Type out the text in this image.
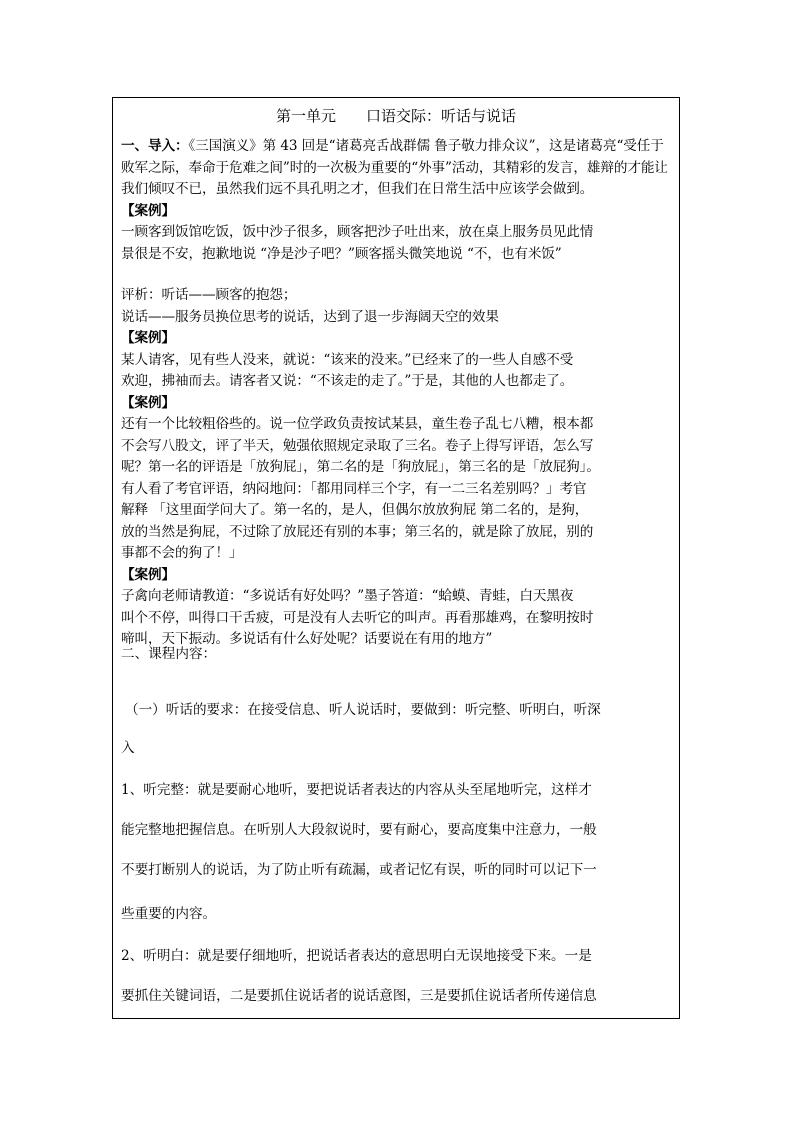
第一单元　　口语交际：听话与说话

一、导入：《三国演义》第 43 回是“诸葛亮舌战群儒 鲁子敬力排众议”，这是诸葛亮“受任于败军之际，奉命于危难之间”时的一次极为重要的“外事”活动，其精彩的发言，雄辩的才能让我们倾叹不已，虽然我们远不具孔明之才，但我们在日常生活中应该学会做到。

【案例】

一顾客到饭馆吃饭，饭中沙子很多，顾客把沙子吐出来，放在桌上服务员见此情

景很是不安，抱歉地说 “净是沙子吧？”顾客摇头微笑地说 “不，也有米饭”

评析：听话——顾客的抱怨；

说话——服务员换位思考的说话，达到了退一步海阔天空的效果

【案例】

某人请客，见有些人没来，就说：“该来的没来。”已经来了的一些人自感不受

欢迎，拂袖而去。请客者又说：“不该走的走了。”于是，其他的人也都走了。

【案例】

还有一个比较粗俗些的。说一位学政负责按试某县，童生卷子乱七八糟，根本都

不会写八股文，评了半天，勉强依照规定录取了三名。卷子上得写评语，怎么写

呢？第一名的评语是「放狗屁」，第二名的是「狗放屁」，第三名的是「放屁狗」。

有人看了考官评语，纳闷地问：「都用同样三个字，有一二三名差别吗？」考官

解释 「这里面学问大了。第一名的，是人，但偶尔放放狗屁 第二名的，是狗，

放的当然是狗屁，不过除了放屁还有别的本事；第三名的，就是除了放屁，别的

事都不会的狗了！」

【案例】

子禽向老师请教道：“多说话有好处吗？”墨子答道：“蛤蟆、青蛙，白天黑夜

叫个不停，叫得口干舌疲，可是没有人去听它的叫声。再看那雄鸡，在黎明按时

啼叫，天下振动。多说话有什么好处呢？话要说在有用的地方”

二、课程内容：

（一）听话的要求：在接受信息、听人说话时，要做到：听完整、听明白，听深

入

1、听完整：就是要耐心地听，要把说话者表达的内容从头至尾地听完，这样才

能完整地把握信息。在听别人大段叙说时，要有耐心，要高度集中注意力，一般

不要打断别人的说话，为了防止听有疏漏，或者记忆有误，听的同时可以记下一

些重要的内容。

2、听明白：就是要仔细地听，把说话者表达的意思明白无误地接受下来。一是

要抓住关键词语，二是要抓住说话者的说话意图，三是要抓住说话者所传递信息
